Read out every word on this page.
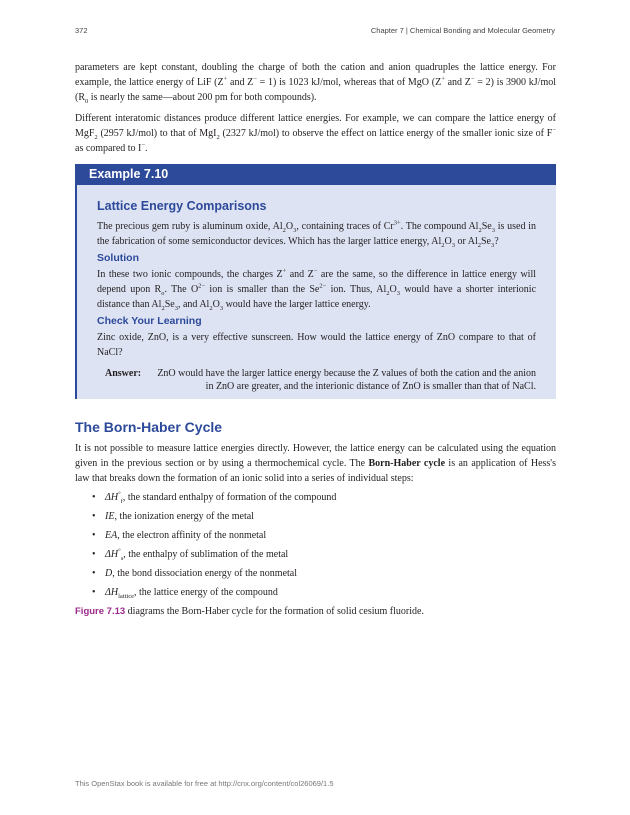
372	Chapter 7 | Chemical Bonding and Molecular Geometry

parameters are kept constant, doubling the charge of both the cation and anion quadruples the lattice energy. For example, the lattice energy of LiF (Z+ and Z− = 1) is 1023 kJ/mol, whereas that of MgO (Z+ and Z− = 2) is 3900 kJ/mol ($R_0$ is nearly the same—about 200 pm for both compounds).

Different interatomic distances produce different lattice energies. For example, we can compare the lattice energy of MgF$_2$ (2957 kJ/mol) to that of MgI$_2$ (2327 kJ/mol) to observe the effect on lattice energy of the smaller ionic size of F− as compared to I−.

Example 7.10
Lattice Energy Comparisons

The precious gem ruby is aluminum oxide, $Al_2O_3$, containing traces of $Cr^{3+}$. The compound $Al_2Se_3$ is used in the fabrication of some semiconductor devices. Which has the larger lattice energy, $Al_2O_3$ or $Al_2Se_3$?

Solution

In these two ionic compounds, the charges Z+ and Z− are the same, so the difference in lattice energy will depend upon $R_o$. The $O^{2-}$ ion is smaller than the $Se^{2-}$ ion. Thus, $Al_2O_3$ would have a shorter interionic distance than $Al_2Se_3$, and $Al_2O_3$ would have the larger lattice energy.

Check Your Learning

Zinc oxide, ZnO, is a very effective sunscreen. How would the lattice energy of ZnO compare to that of NaCl?

Answer:	ZnO would have the larger lattice energy because the Z values of both the cation and the anion in ZnO are greater, and the interionic distance of ZnO is smaller than that of NaCl.
The Born-Haber Cycle

It is not possible to measure lattice energies directly. However, the lattice energy can be calculated using the equation given in the previous section or by using a thermochemical cycle. The Born-Haber cycle is an application of Hess's law that breaks down the formation of an ionic solid into a series of individual steps:

• $\Delta H^\circ_f$, the standard enthalpy of formation of the compound
• IE, the ionization energy of the metal
• EA, the electron affinity of the nonmetal
• $\Delta H^\circ_s$, the enthalpy of sublimation of the metal
• D, the bond dissociation energy of the nonmetal
• $\Delta H_{lattice}$, the lattice energy of the compound

Figure 7.13 diagrams the Born-Haber cycle for the formation of solid cesium fluoride.

This OpenStax book is available for free at http://cnx.org/content/col26069/1.5
